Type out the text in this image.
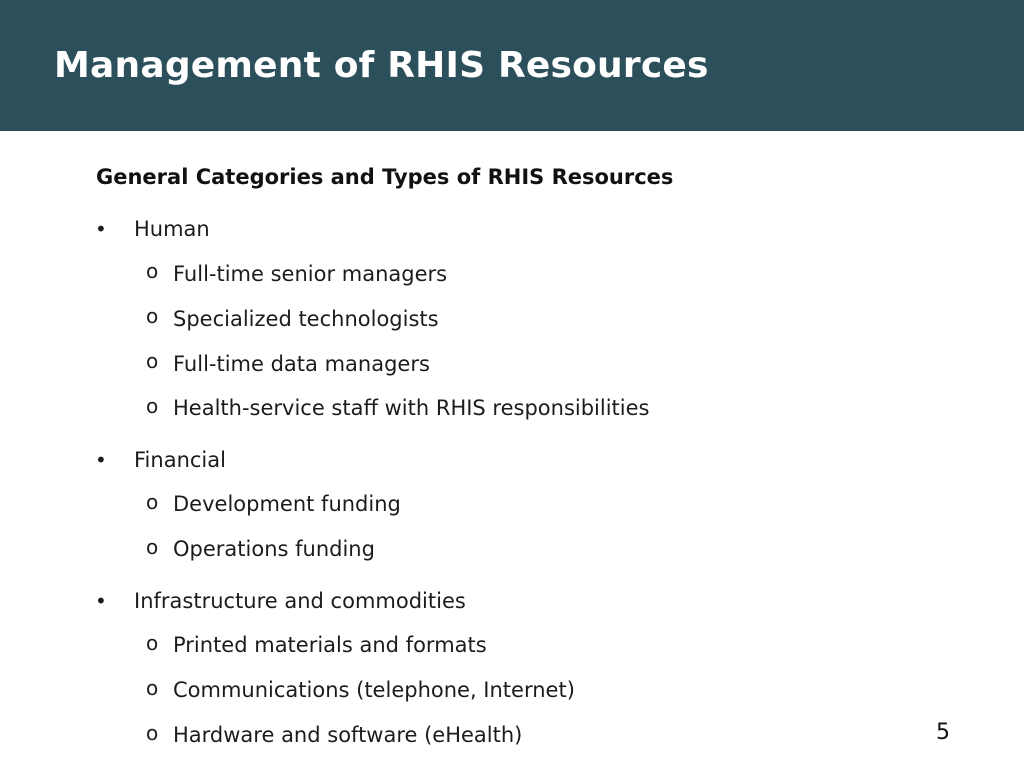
Management of RHIS Resources
General Categories and Types of RHIS Resources
• Human
o Full-time senior managers
o Specialized technologists
o Full-time data managers
o Health-service staff with RHIS responsibilities
• Financial
o Development funding
o Operations funding
• Infrastructure and commodities
o Printed materials and formats
o Communications (telephone, Internet)
o Hardware and software (eHealth)	5
